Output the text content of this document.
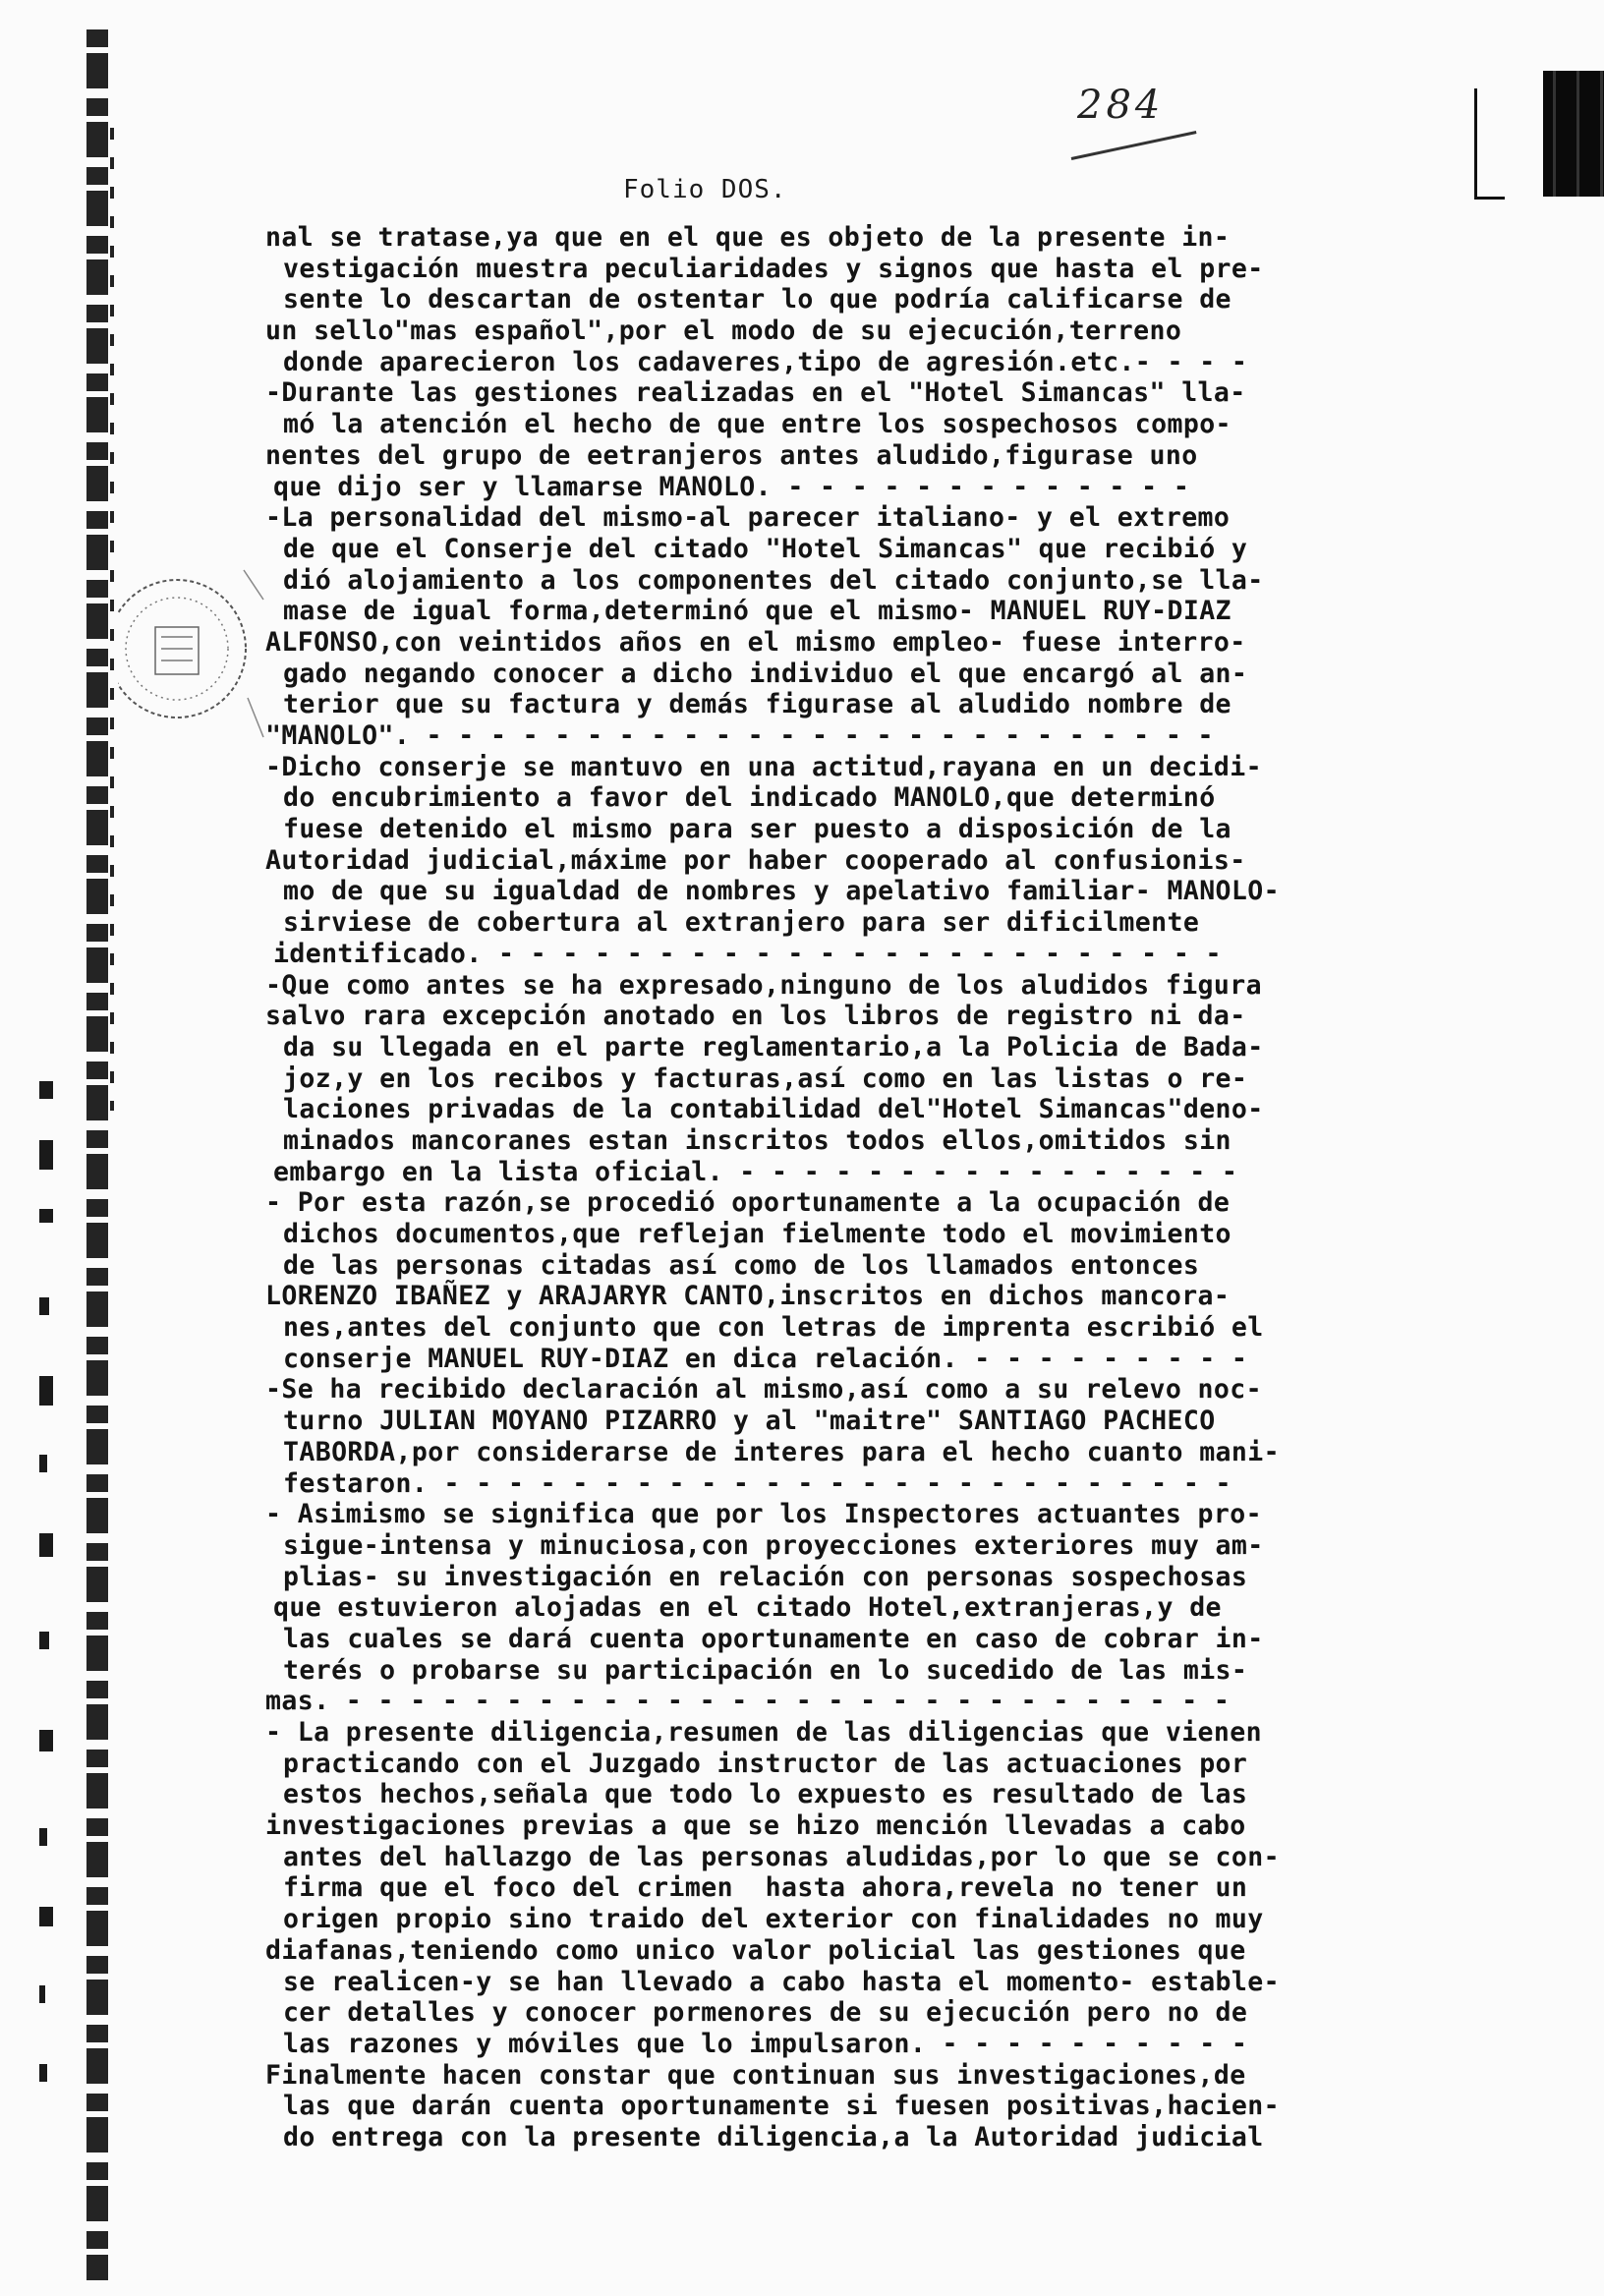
284
Folio DOS.
nal se tratase,ya que en el que es objeto de la presente in-
vestigación muestra peculiaridades y signos que hasta el pre-
sente lo descartan de ostentar lo que podría calificarse de
un sello"mas español",por el modo de su ejecución,terreno
donde aparecieron los cadaveres,tipo de agresión.etc.- - - -
-Durante las gestiones realizadas en el "Hotel Simancas" lla-
mó la atención el hecho de que entre los sospechosos compo-
nentes del grupo de eetranjeros antes aludido,figurase uno
que dijo ser y llamarse MANOLO. - - - - - - - - - - - - -
-La personalidad del mismo-al parecer italiano- y el extremo
de que el Conserje del citado "Hotel Simancas" que recibió y
dió alojamiento a los componentes del citado conjunto,se lla-
mase de igual forma,determinó que el mismo- MANUEL RUY-DIAZ
ALFONSO,con veintidos años en el mismo empleo- fuese interro-
gado negando conocer a dicho individuo el que encargó al an-
terior que su factura y demás figurase al aludido nombre de
"MANOLO". - - - - - - - - - - - - - - - - - - - - - - - - -
-Dicho conserje se mantuvo en una actitud,rayana en un decidi-
do encubrimiento a favor del indicado MANOLO,que determinó
fuese detenido el mismo para ser puesto a disposición de la
Autoridad judicial,máxime por haber cooperado al confusionis-
mo de que su igualdad de nombres y apelativo familiar- MANOLO-
sirviese de cobertura al extranjero para ser dificilmente
identificado. - - - - - - - - - - - - - - - - - - - - - - -
-Que como antes se ha expresado,ninguno de los aludidos figura
salvo rara excepción anotado en los libros de registro ni da-
da su llegada en el parte reglamentario,a la Policia de Bada-
joz,y en los recibos y facturas,así como en las listas o re-
laciones privadas de la contabilidad del"Hotel Simancas"deno-
minados mancoranes estan inscritos todos ellos,omitidos sin
embargo en la lista oficial. - - - - - - - - - - - - - - - -
- Por esta razón,se procedió oportunamente a la ocupación de
dichos documentos,que reflejan fielmente todo el movimiento
de las personas citadas así como de los llamados entonces
LORENZO IBAÑEZ y ARAJARYR CANTO,inscritos en dichos mancora-
nes,antes del conjunto que con letras de imprenta escribió el
conserje MANUEL RUY-DIAZ en dica relación. - - - - - - - - -
-Se ha recibido declaración al mismo,así como a su relevo noc-
turno JULIAN MOYANO PIZARRO y al "maitre" SANTIAGO PACHECO
TABORDA,por considerarse de interes para el hecho cuanto mani-
festaron. - - - - - - - - - - - - - - - - - - - - - - - - -
- Asimismo se significa que por los Inspectores actuantes pro-
sigue-intensa y minuciosa,con proyecciones exteriores muy am-
plias- su investigación en relación con personas sospechosas
que estuvieron alojadas en el citado Hotel,extranjeras,y de
las cuales se dará cuenta oportunamente en caso de cobrar in-
terés o probarse su participación en lo sucedido de las mis-
mas. - - - - - - - - - - - - - - - - - - - - - - - - - - - -
- La presente diligencia,resumen de las diligencias que vienen
practicando con el Juzgado instructor de las actuaciones por
estos hechos,señala que todo lo expuesto es resultado de las
investigaciones previas a que se hizo mención llevadas a cabo
antes del hallazgo de las personas aludidas,por lo que se con-
firma que el foco del crimen  hasta ahora,revela no tener un
origen propio sino traido del exterior con finalidades no muy
diafanas,teniendo como unico valor policial las gestiones que
se realicen-y se han llevado a cabo hasta el momento- estable-
cer detalles y conocer pormenores de su ejecución pero no de
las razones y móviles que lo impulsaron. - - - - - - - - - -
Finalmente hacen constar que continuan sus investigaciones,de
las que darán cuenta oportunamente si fuesen positivas,hacien-
do entrega con la presente diligencia,a la Autoridad judicial
